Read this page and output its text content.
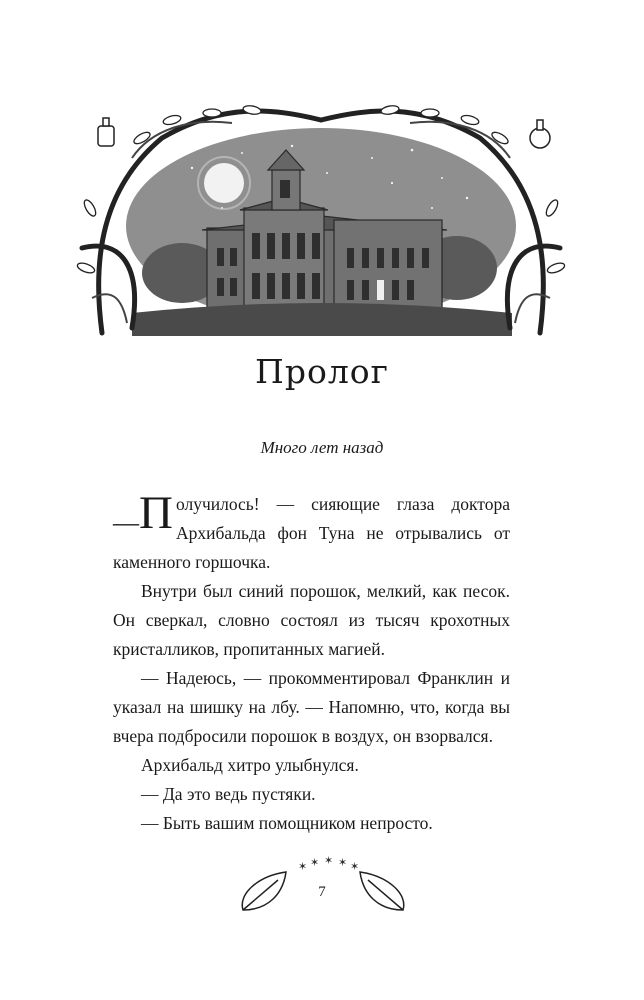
Пролог
Много лет назад

—П олучилось! — сияющие глаза доктора Архибальда фон Туна не отрывались от каменного горшочка.

Внутри был синий порошок, мелкий, как песок. Он сверкал, словно состоял из тысяч крохотных кристалликов, пропитанных магией.

— Надеюсь, — прокомментировал Франклин и указал на шишку на лбу. — Напомню, что, когда вы вчера подбросили порошок в воздух, он взорвался.

Архибальд хитро улыбнулся.

— Да это ведь пустяки.

— Быть вашим помощником непросто.

✶ ✶ ✶ ✶ ✶
7
